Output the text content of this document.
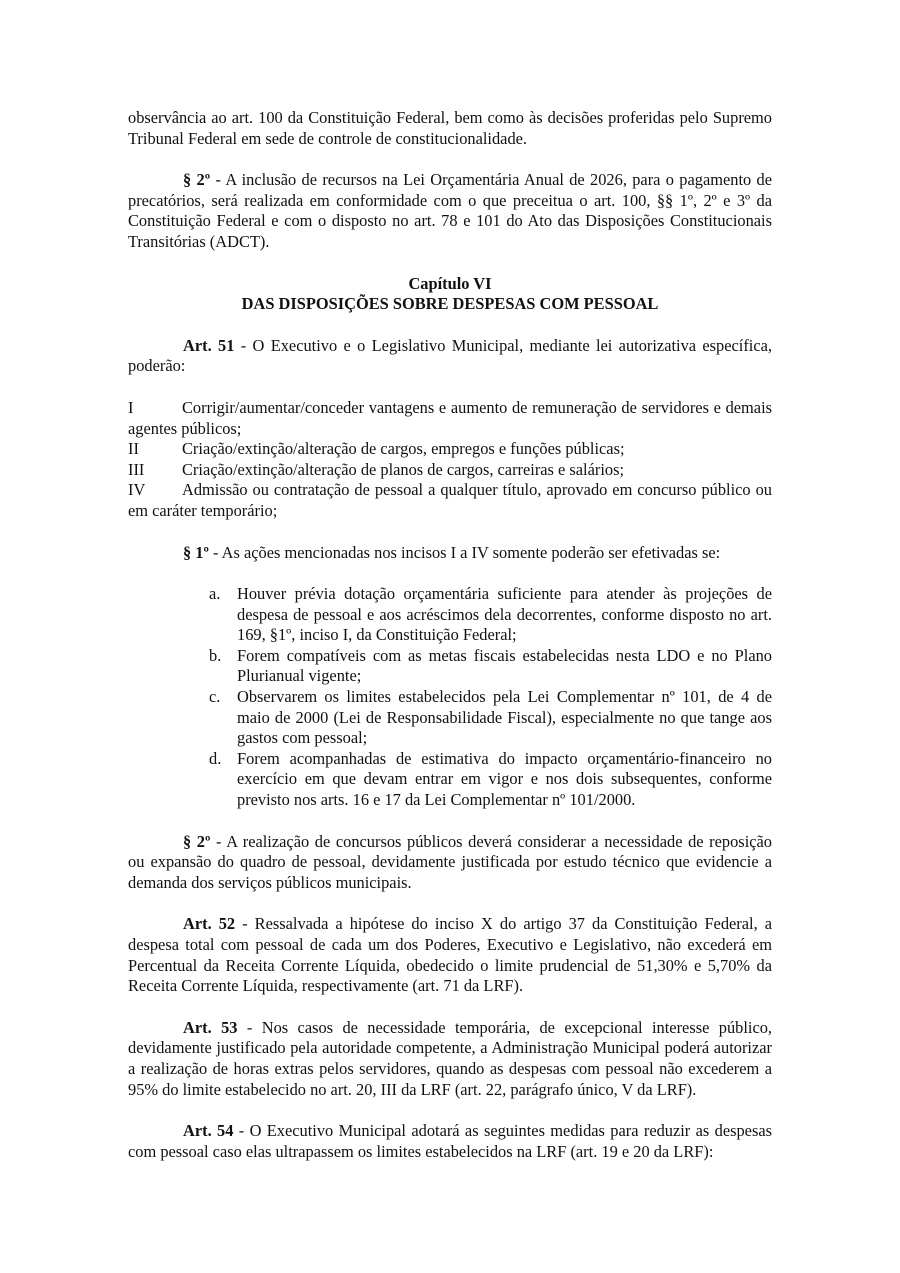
observância ao art. 100 da Constituição Federal, bem como às decisões proferidas pelo Supremo Tribunal Federal em sede de controle de constitucionalidade.

§ 2º - A inclusão de recursos na Lei Orçamentária Anual de 2026, para o pagamento de precatórios, será realizada em conformidade com o que preceitua o art. 100, §§ 1º, 2º e 3º da Constituição Federal e com o disposto no art. 78 e 101 do Ato das Disposições Constitucionais Transitórias (ADCT).

Capítulo VI
DAS DISPOSIÇÕES SOBRE DESPESAS COM PESSOAL

Art. 51 - O Executivo e o Legislativo Municipal, mediante lei autorizativa específica, poderão:

I	Corrigir/aumentar/conceder vantagens e aumento de remuneração de servidores e demais agentes públicos;

II	Criação/extinção/alteração de cargos, empregos e funções públicas;

III Criação/extinção/alteração de planos de cargos, carreiras e salários;

IV Admissão ou contratação de pessoal a qualquer título, aprovado em concurso público ou em caráter temporário;

§ 1º - As ações mencionadas nos incisos I a IV somente poderão ser efetivadas se:

a. Houver prévia dotação orçamentária suficiente para atender às projeções de despesa de pessoal e aos acréscimos dela decorrentes, conforme disposto no art. 169, §1º, inciso I, da Constituição Federal;
b. Forem compatíveis com as metas fiscais estabelecidas nesta LDO e no Plano Plurianual vigente;
c. Observarem os limites estabelecidos pela Lei Complementar nº 101, de 4 de maio de 2000 (Lei de Responsabilidade Fiscal), especialmente no que tange aos gastos com pessoal;
d. Forem acompanhadas de estimativa do impacto orçamentário-financeiro no exercício em que devam entrar em vigor e nos dois subsequentes, conforme previsto nos arts. 16 e 17 da Lei Complementar nº 101/2000.

§ 2º - A realização de concursos públicos deverá considerar a necessidade de reposição ou expansão do quadro de pessoal, devidamente justificada por estudo técnico que evidencie a demanda dos serviços públicos municipais.

Art. 52 - Ressalvada a hipótese do inciso X do artigo 37 da Constituição Federal, a despesa total com pessoal de cada um dos Poderes, Executivo e Legislativo, não excederá em Percentual da Receita Corrente Líquida, obedecido o limite prudencial de 51,30% e 5,70% da Receita Corrente Líquida, respectivamente (art. 71 da LRF).

Art. 53 - Nos casos de necessidade temporária, de excepcional interesse público, devidamente justificado pela autoridade competente, a Administração Municipal poderá autorizar a realização de horas extras pelos servidores, quando as despesas com pessoal não excederem a 95% do limite estabelecido no art. 20, III da LRF (art. 22, parágrafo único, V da LRF).

Art. 54 - O Executivo Municipal adotará as seguintes medidas para reduzir as despesas com pessoal caso elas ultrapassem os limites estabelecidos na LRF (art. 19 e 20 da LRF):
